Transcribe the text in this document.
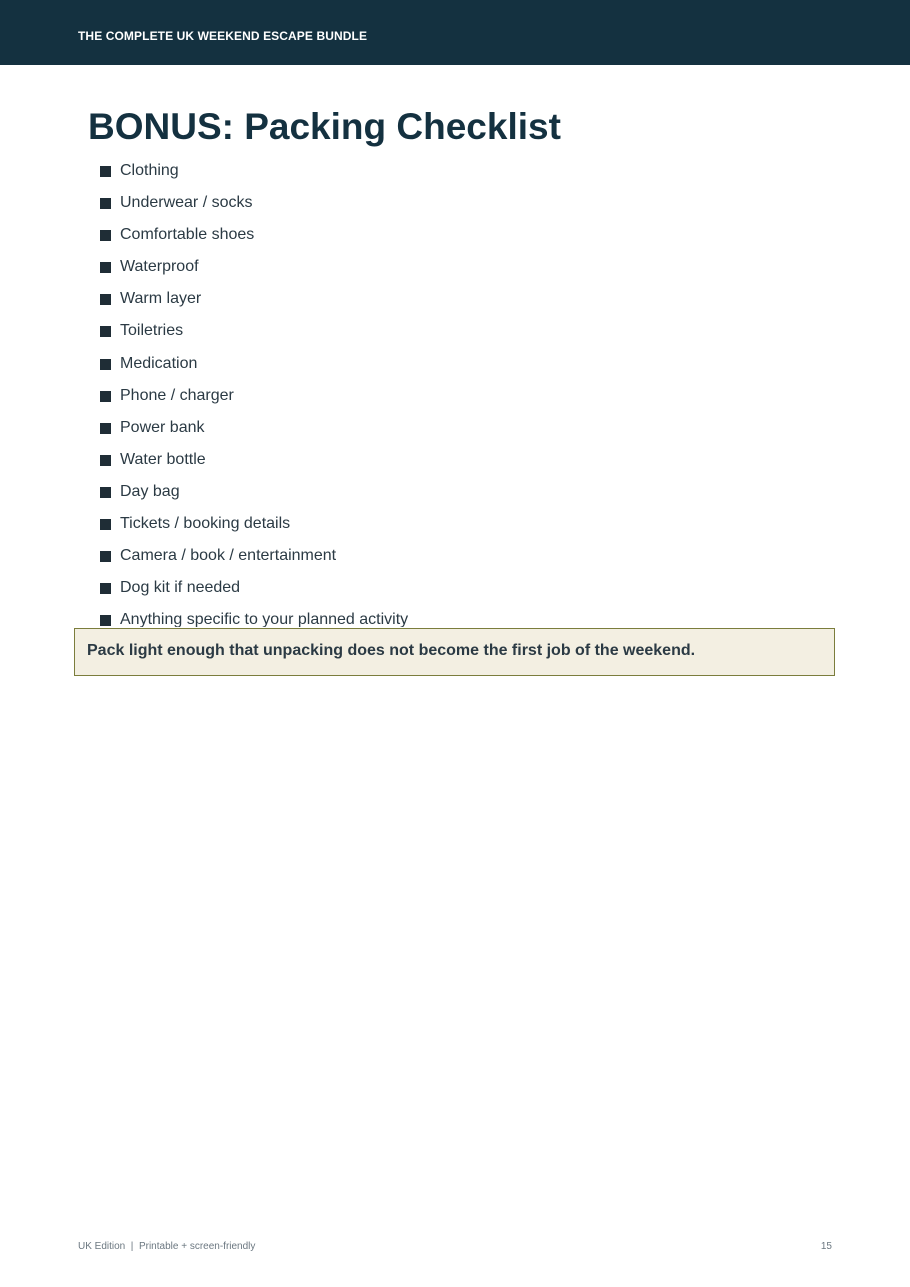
THE COMPLETE UK WEEKEND ESCAPE BUNDLE
BONUS: Packing Checklist
Clothing
Underwear / socks
Comfortable shoes
Waterproof
Warm layer
Toiletries
Medication
Phone / charger
Power bank
Water bottle
Day bag
Tickets / booking details
Camera / book / entertainment
Dog kit if needed
Anything specific to your planned activity
Pack light enough that unpacking does not become the first job of the weekend.
UK Edition  |  Printable + screen-friendly	15
